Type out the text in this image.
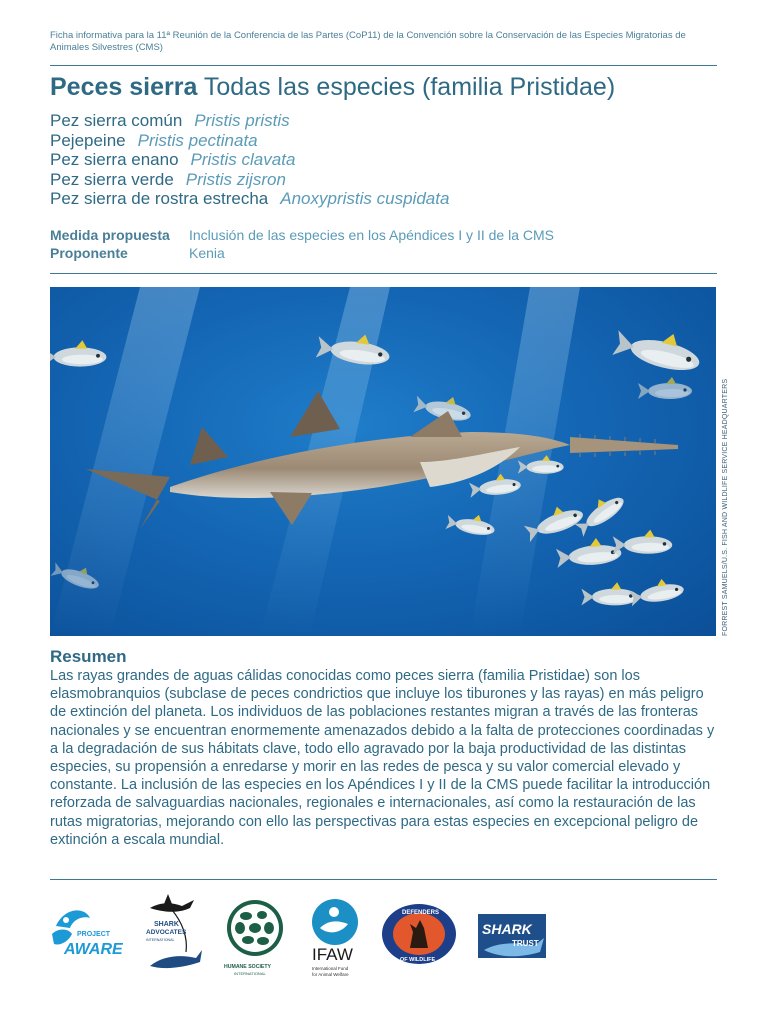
Ficha informativa para la 11ª Reunión de la Conferencia de las Partes (CoP11) de la Convención sobre la Conservación de las Especies Migratorias de Animales Silvestres (CMS)
Peces sierra Todas las especies (familia Pristidae)
Pez sierra común Pristis pristis
Pejepeine Pristis pectinata
Pez sierra enano Pristis clavata
Pez sierra verde Pristis zijsron
Pez sierra de rostra estrecha Anoxypristis cuspidata
Medida propuesta Inclusión de las especies en los Apéndices I y II de la CMS
Proponente	Kenia
FORREST SAMUELS/U.S. FISH AND WILDLIFE SERVICE HEADQUARTERS
Resumen
Las rayas grandes de aguas cálidas conocidas como peces sierra (familia Pristidae) son los elasmobranquios (subclase de peces condrictios que incluye los tiburones y las rayas) en más peligro de extinción del planeta. Los individuos de las poblaciones restantes migran a través de las fronteras nacionales y se encuentran enormemente amenazados debido a la falta de protecciones coordinadas y a la degradación de sus hábitats clave, todo ello agravado por la baja productividad de las distintas especies, su propensión a enredarse y morir en las redes de pesca y su valor comercial elevado y constante. La inclusión de las especies en los Apéndices I y II de la CMS puede facilitar la introducción reforzada de salvaguardias nacionales, regionales e internacionales, así como la restauración de las rutas migratorias, mejorando con ello las perspectivas para estas especies en excepcional peligro de extinción a escala mundial.
PROJECT
AWARE
SHARK
ADVOCATES
INTERNATIONAL
HUMANE SOCIETY
INTERNATIONAL
IFAW
International Fund
for Animal Welfare
DEFENDERS
OF WILDLIFE
SHARK
TRUST
